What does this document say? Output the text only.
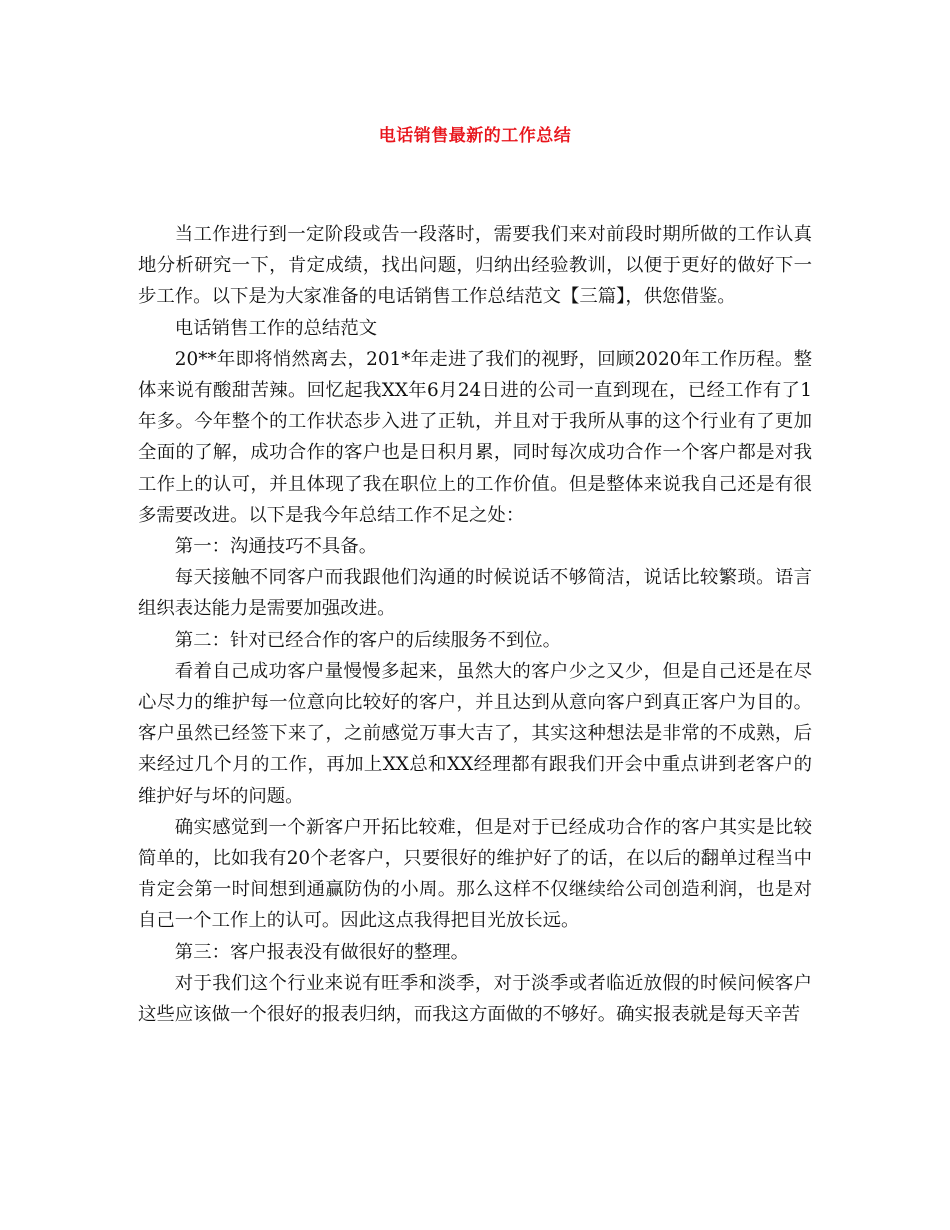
电话销售最新的工作总结

当工作进行到一定阶段或告一段落时，需要我们来对前段时期所做的工作认真地分析研究一下，肯定成绩，找出问题，归纳出经验教训，以便于更好的做好下一步工作。以下是为大家准备的电话销售工作总结范文【三篇】，供您借鉴。

电话销售工作的总结范文

20**年即将悄然离去，201*年走进了我们的视野，回顾2020年工作历程。整体来说有酸甜苦辣。回忆起我XX年6月24日进的公司一直到现在，已经工作有了1年多。今年整个的工作状态步入进了正轨，并且对于我所从事的这个行业有了更加全面的了解，成功合作的客户也是日积月累，同时每次成功合作一个客户都是对我工作上的认可，并且体现了我在职位上的工作价值。但是整体来说我自己还是有很多需要改进。以下是我今年总结工作不足之处：

第一：沟通技巧不具备。

每天接触不同客户而我跟他们沟通的时候说话不够简洁，说话比较繁琐。语言组织表达能力是需要加强改进。

第二：针对已经合作的客户的后续服务不到位。

看着自己成功客户量慢慢多起来，虽然大的客户少之又少，但是自己还是在尽心尽力的维护每一位意向比较好的客户，并且达到从意向客户到真正客户为目的。客户虽然已经签下来了，之前感觉万事大吉了，其实这种想法是非常的不成熟，后来经过几个月的工作，再加上XX总和XX经理都有跟我们开会中重点讲到老客户的维护好与坏的问题。

确实感觉到一个新客户开拓比较难，但是对于已经成功合作的客户其实是比较简单的，比如我有20个老客户，只要很好的维护好了的话，在以后的翻单过程当中肯定会第一时间想到通赢防伪的小周。那么这样不仅继续给公司创造利润，也是对自己一个工作上的认可。因此这点我得把目光放长远。

第三：客户报表没有做很好的整理。

对于我们这个行业来说有旺季和淡季，对于淡季或者临近放假的时候问候客户这些应该做一个很好的报表归纳，而我这方面做的不够好。确实报表就是每天辛苦
